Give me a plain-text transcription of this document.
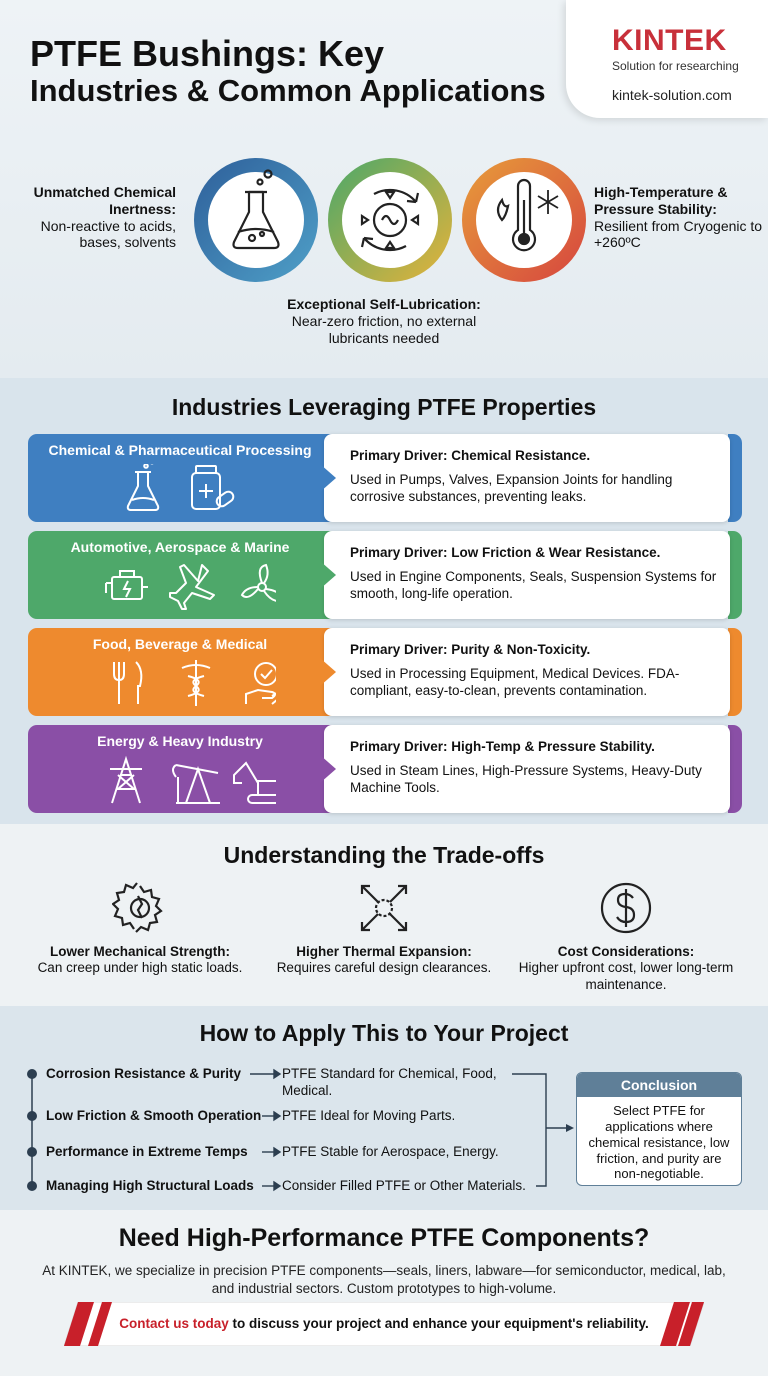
PTFE Bushings: Key
Industries & Common Applications
KINTEK
Solution for researching
kintek-solution.com
Unmatched Chemical Inertness:
Non-reactive to acids, bases, solvents
High-Temperature & Pressure Stability:
Resilient from Cryogenic to +260ºC
Exceptional Self-Lubrication:
Near-zero friction, no external lubricants needed
Industries Leveraging PTFE Properties
Chemical & Pharmaceutical Processing	Primary Driver: Chemical Resistance.
Used in Pumps, Valves, Expansion Joints for handling corrosive substances, preventing leaks.
Automotive, Aerospace & Marine	Primary Driver: Low Friction & Wear Resistance.
Used in Engine Components, Seals, Suspension Systems for smooth, long-life operation.
Food, Beverage & Medical	Primary Driver: Purity & Non-Toxicity.
Used in Processing Equipment, Medical Devices. FDA-compliant, easy-to-clean, prevents contamination.
Energy & Heavy Industry	Primary Driver: High-Temp & Pressure Stability.
Used in Steam Lines, High-Pressure Systems, Heavy-Duty Machine Tools.
Understanding the Trade-offs
Lower Mechanical Strength:
Can creep under high static loads.
Higher Thermal Expansion:
Requires careful design clearances.
Cost Considerations:
Higher upfront cost, lower long-term maintenance.
How to Apply This to Your Project
Corrosion Resistance & Purity	PTFE Standard for Chemical, Food, Medical.
Low Friction & Smooth Operation PTFE Ideal for Moving Parts.
Performance in Extreme Temps	PTFE Stable for Aerospace, Energy.
Managing High Structural Loads Consider Filled PTFE or Other Materials.
Conclusion
Select PTFE for applications where chemical resistance, low friction, and purity are non-negotiable.
Need High-Performance PTFE Components?

At KINTEK, we specialize in precision PTFE components—seals, liners, labware—for semiconductor, medical, lab, and industrial sectors. Custom prototypes to high-volume.

Contact us today to discuss your project and enhance your equipment's reliability.
